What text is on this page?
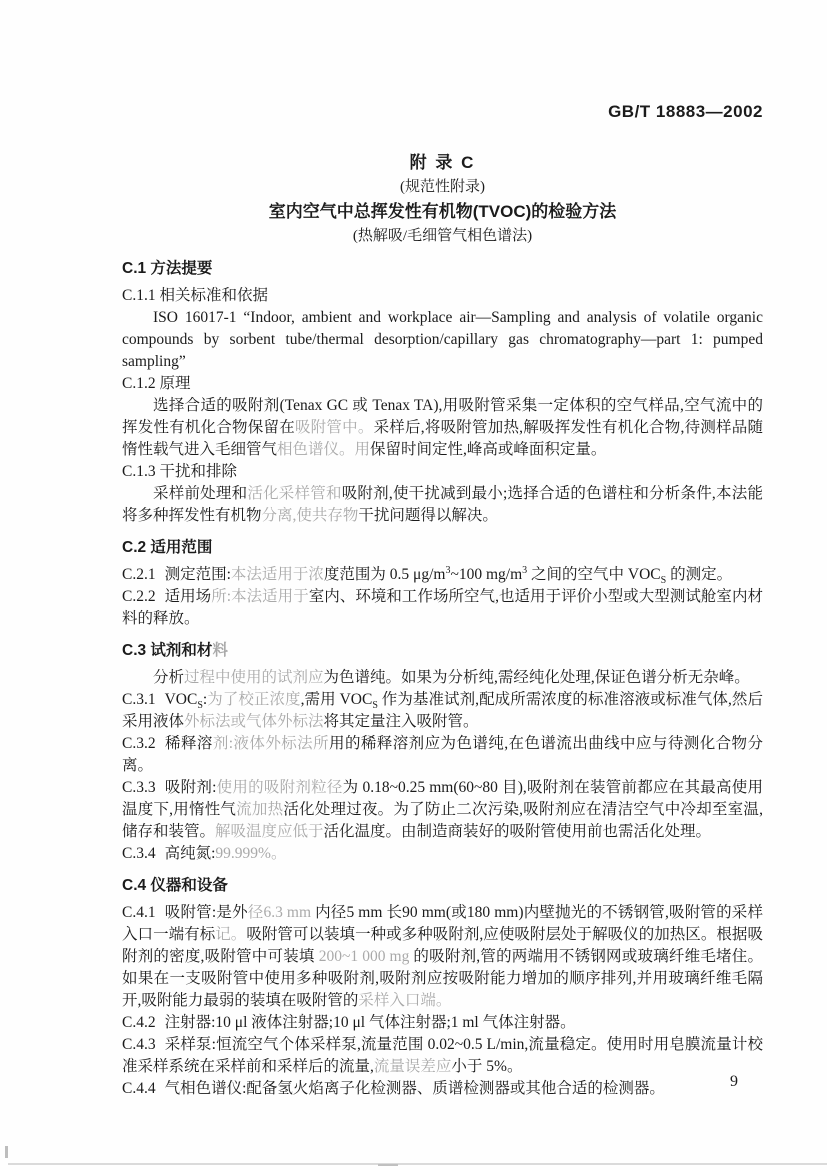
GB/T 18883—2002
附 录 C
(规范性附录)
室内空气中总挥发性有机物(TVOC)的检验方法
(热解吸/毛细管气相色谱法)
C.1 方法提要

C.1.1 相关标准和依据

ISO 16017-1 “Indoor, ambient and workplace air—Sampling and analysis of volatile organic compounds by sorbent tube/thermal desorption/capillary gas chromatography—part 1: pumped sampling”

C.1.2 原理

选择合适的吸附剂(Tenax GC 或 Tenax TA),用吸附管采集一定体积的空气样品,空气流中的挥发性有机化合物保留在吸附管中。采样后,将吸附管加热,解吸挥发性有机化合物,待测样品随惰性载气进入毛细管气相色谱仪。用保留时间定性,峰高或峰面积定量。

C.1.3 干扰和排除

采样前处理和活化采样管和吸附剂,使干扰减到最小;选择合适的色谱柱和分析条件,本法能将多种挥发性有机物分离,使共存物干扰问题得以解决。

C.2 适用范围

C.2.1 测定范围:本法适用于浓度范围为 0.5 $\mu g/m^3\sim 100$ $mg/m^3$ 之间的空气中 $VOC_S$ 的测定。

C.2.2 适用场所:本法适用于室内、环境和工作场所空气,也适用于评价小型或大型测试舱室内材料的释放。

C.3 试剂和材料

分析过程中使用的试剂应为色谱纯。如果为分析纯,需经纯化处理,保证色谱分析无杂峰。

C.3.1 $VOC_S$:为了校正浓度,需用 $VOC_S$ 作为基准试剂,配成所需浓度的标准溶液或标准气体,然后采用液体外标法或气体外标法将其定量注入吸附管。

C.3.2 稀释溶剂:液体外标法所用的稀释溶剂应为色谱纯,在色谱流出曲线中应与待测化合物分离。

C.3.3 吸附剂:使用的吸附剂粒径为 0.18~0.25 mm(60~80 目),吸附剂在装管前都应在其最高使用温度下,用惰性气流加热活化处理过夜。为了防止二次污染,吸附剂应在清洁空气中冷却至室温,储存和装管。解吸温度应低于活化温度。由制造商装好的吸附管使用前也需活化处理。

C.3.4 高纯氮:99.999%。

C.4 仪器和设备

C.4.1 吸附管:是外径6.3 mm 内径5 mm 长90 mm(或180 mm)内壁抛光的不锈钢管,吸附管的采样入口一端有标记。吸附管可以装填一种或多种吸附剂,应使吸附层处于解吸仪的加热区。根据吸附剂的密度,吸附管中可装填 200~1 000 mg 的吸附剂,管的两端用不锈钢网或玻璃纤维毛堵住。如果在一支吸附管中使用多种吸附剂,吸附剂应按吸附能力增加的顺序排列,并用玻璃纤维毛隔开,吸附能力最弱的装填在吸附管的采样入口端。

C.4.2 注射器:10 μl 液体注射器;10 μl 气体注射器;1 ml 气体注射器。

C.4.3 采样泵:恒流空气个体采样泵,流量范围 0.02~0.5 L/min,流量稳定。使用时用皂膜流量计校准采样系统在采样前和采样后的流量,流量误差应小于 5%。

C.4.4 气相色谱仪:配备氢火焰离子化检测器、质谱检测器或其他合适的检测器。	9
